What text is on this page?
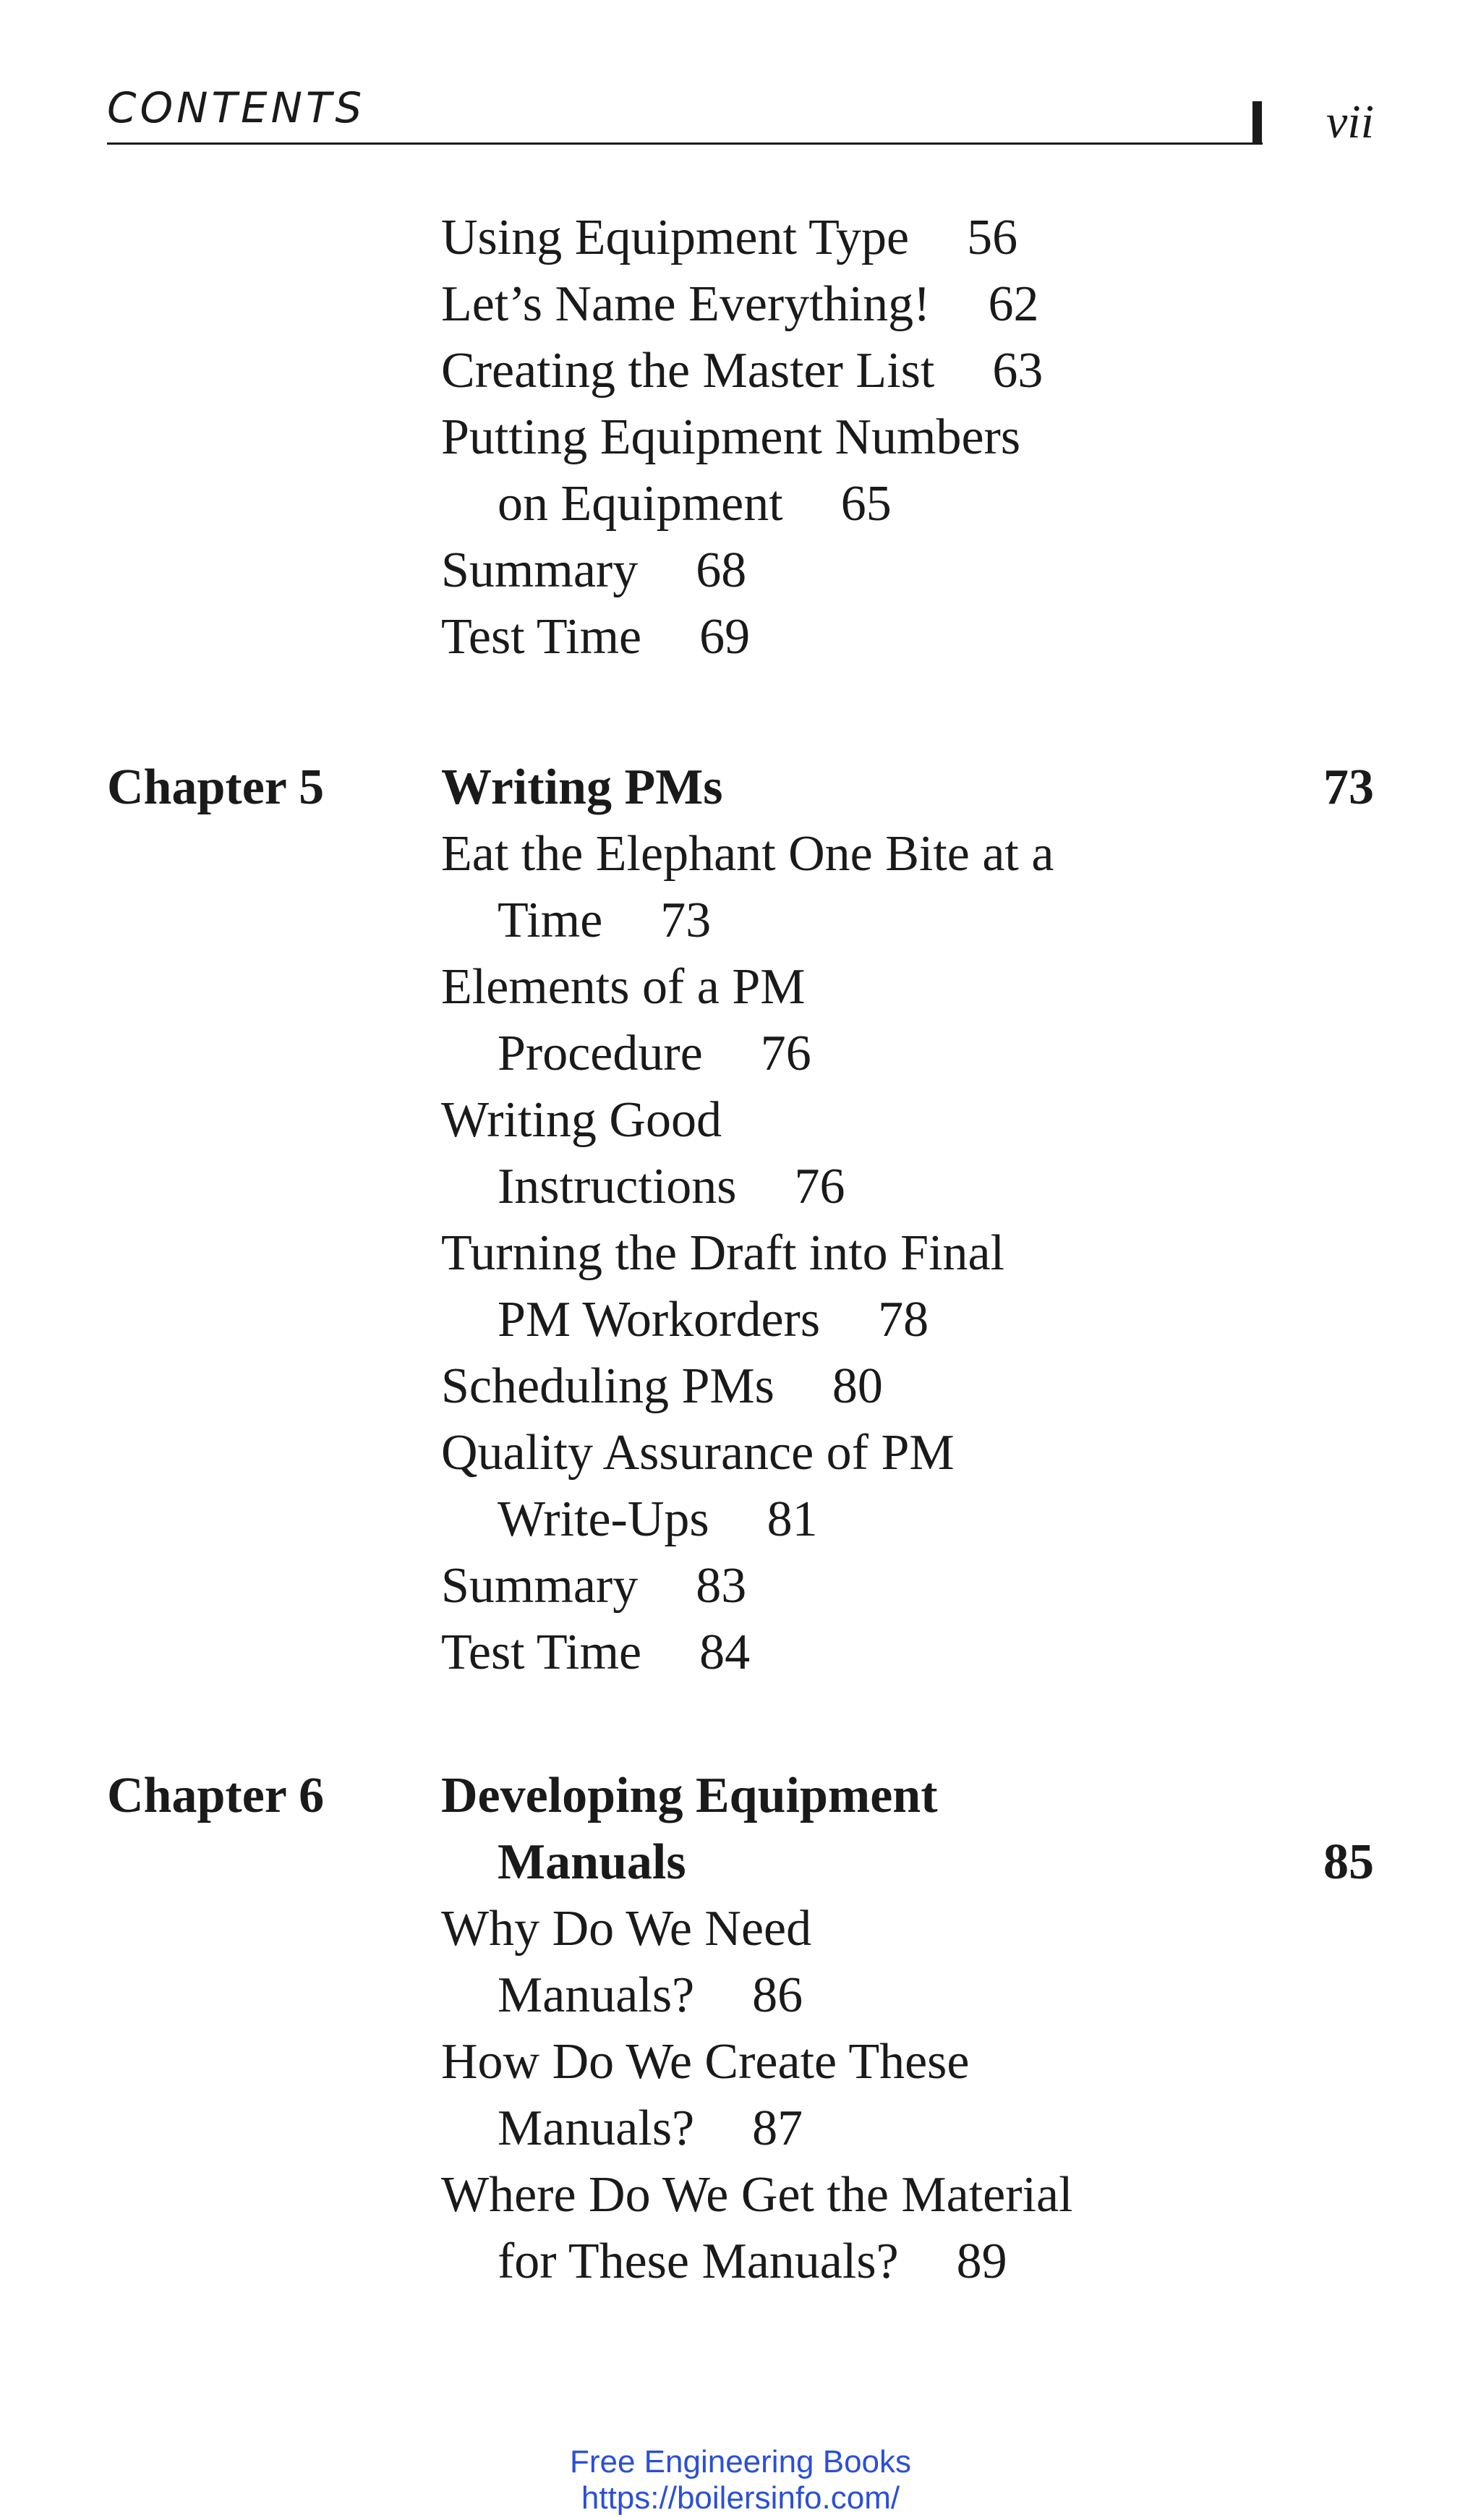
CONTENTS	vii
Using Equipment Type 56
Let’s Name Everything! 62
Creating the Master List 63
Putting Equipment Numbers
on Equipment 65
Summary 68
Test Time 69
Chapter 5 Writing PMs	73
Eat the Elephant One Bite at a
Time 73
Elements of a PM
Procedure 76
Writing Good
Instructions 76
Turning the Draft into Final
PM Workorders 78
Scheduling PMs 80
Quality Assurance of PM
Write-Ups 81
Summary 83
Test Time 84
Chapter 6 Developing Equipment
Manuals	85
Why Do We Need
Manuals? 86
How Do We Create These
Manuals? 87
Where Do We Get the Material
for These Manuals? 89
Free Engineering Books
https://boilersinfo.com/
